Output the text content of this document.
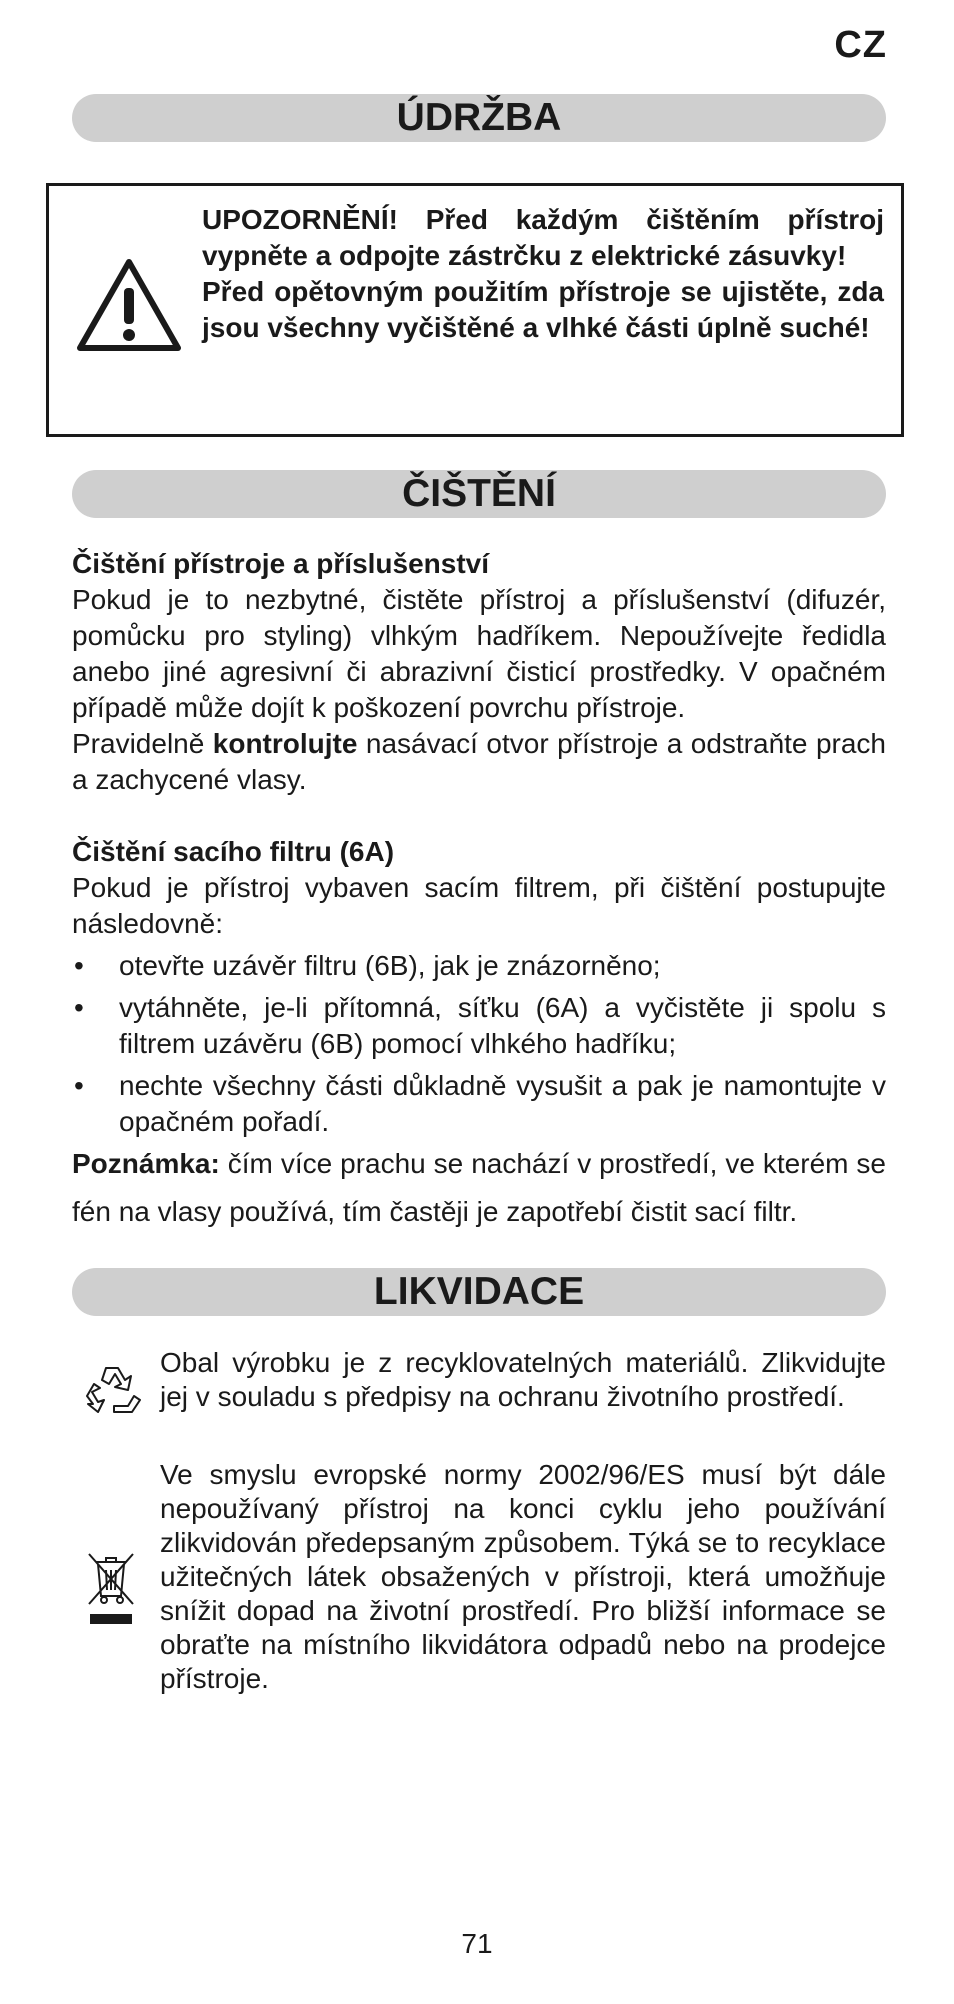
CZ
ÚDRŽBA

UPOZORNĚNÍ! Před každým čištěním přístroj vypněte a odpojte zástrčku z elektrické zásuvky!

Před opětovným použitím přístroje se ujistěte, zda jsou všechny vyčištěné a vlhké části úplně suché!

ČIŠTĚNÍ

Čištění přístroje a příslušenství

Pokud je to nezbytné, čistěte přístroj a příslušenství (difuzér, pomůcku pro styling) vlhkým hadříkem. Nepoužívejte ředidla anebo jiné agresivní či abrazivní čisticí prostředky. V opačném případě může dojít k poškození povrchu přístroje.

Pravidelně kontrolujte nasávací otvor přístroje a odstraňte prach a zachycené vlasy.

Čištění sacího filtru (6A)

Pokud je přístroj vybaven sacím filtrem, při čištění postupujte následovně:

• otevřte uzávěr filtru (6B), jak je znázorněno;
• vytáhněte, je-li přítomná, síťku (6A) a vyčistěte ji spolu s filtrem uzávěru (6B) pomocí vlhkého hadříku;
• nechte všechny části důkladně vysušit a pak je namontujte v opačném pořadí.

Poznámka: čím více prachu se nachází v prostředí, ve kterém se fén na vlasy používá, tím častěji je zapotřebí čistit sací filtr.

LIKVIDACE
Obal výrobku je z recyklovatelných materiálů. Zlikvidujte jej v souladu s předpisy na ochranu životního prostředí.
Ve smyslu evropské normy 2002/96/ES musí být dále nepoužívaný přístroj na konci cyklu jeho používání zlikvidován předepsaným způsobem. Týká se to recyklace užitečných látek obsažených v přístroji, která umožňuje snížit dopad na životní prostředí. Pro bližší informace se obraťte na místního likvidátora odpadů nebo na prodejce přístroje.
71
